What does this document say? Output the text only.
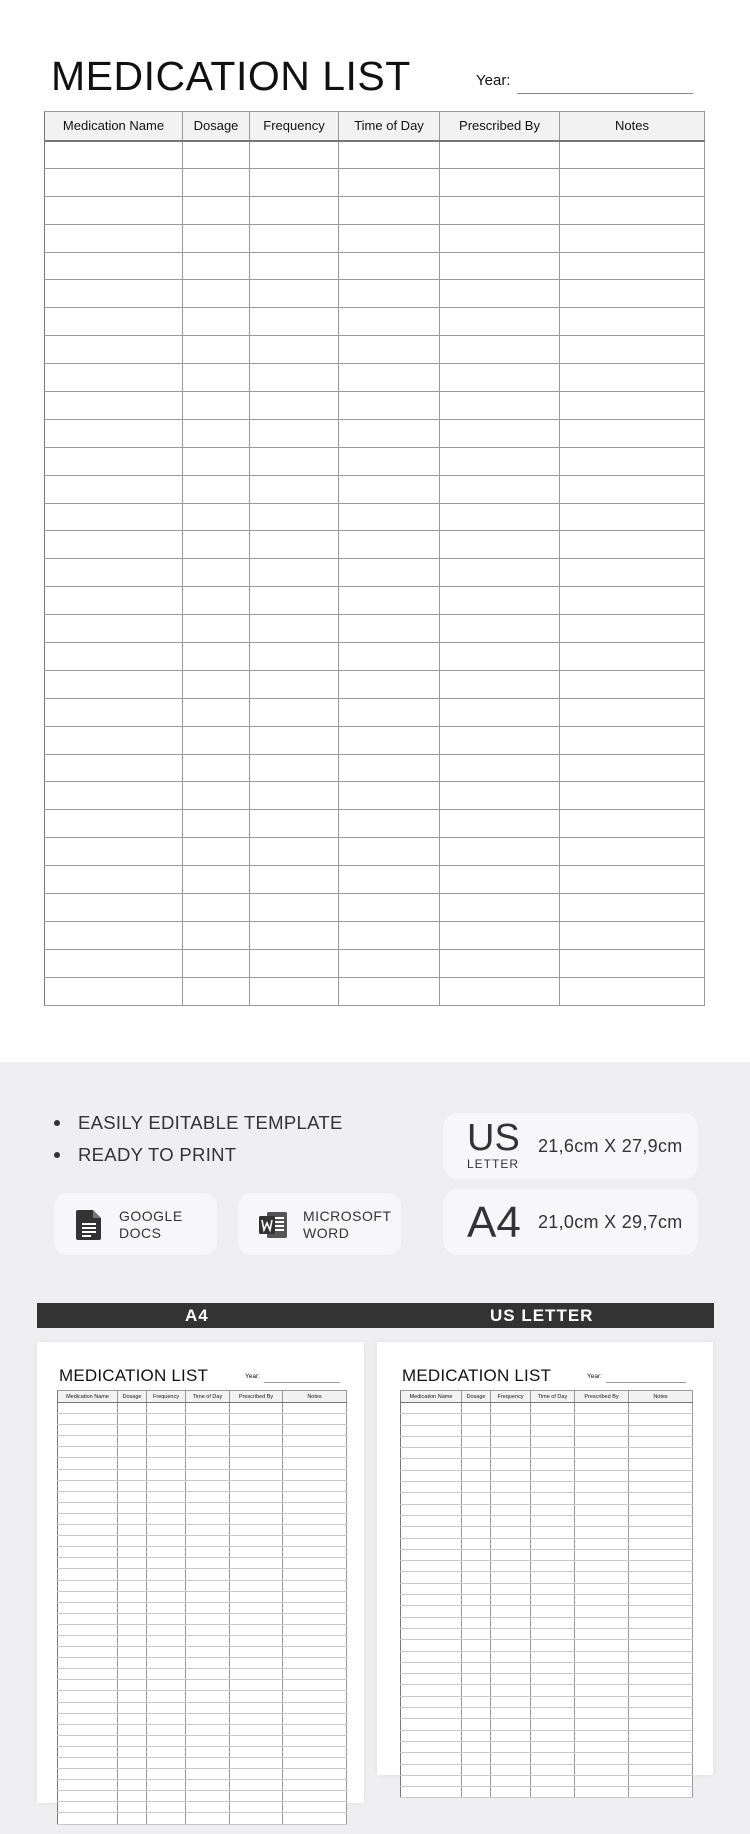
MEDICATION LIST	Year:
Medication Name	Dosage	Frequency	Time of Day	Prescribed By	Notes

EASILY EDITABLE TEMPLATE
READY TO PRINT
GOOGLE
DOCS
MICROSOFT
WORD
US
LETTER
21,6cm X 27,9cm
A4 21,0cm X 29,7cm
A4	US LETTER
MEDICATION LIST	Year:
Medication Name	Dosage	Frequency	Time of Day	Prescribed By	Notes

MEDICATION LIST	Year:
Medication Name	Dosage	Frequency	Time of Day	Prescribed By	Notes
